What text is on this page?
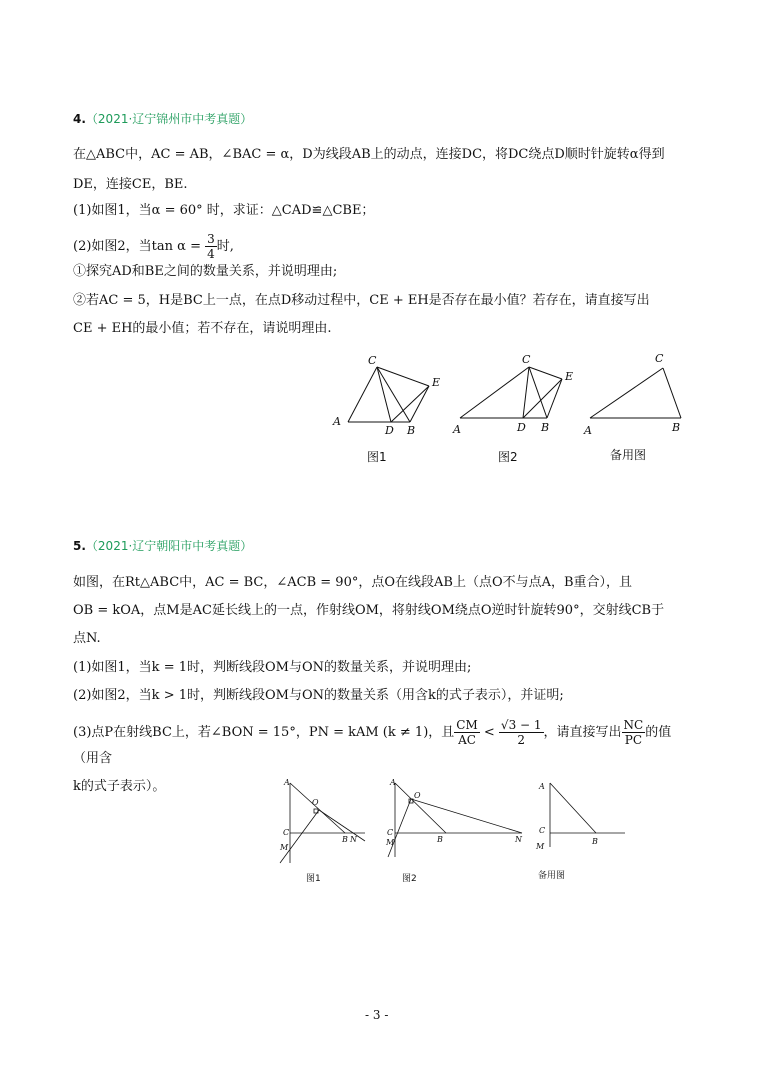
4.（2021·辽宁锦州市中考真题）
在△ABC中，AC = AB，∠BAC = α，D为线段AB上的动点，连接DC，将DC绕点D顺时针旋转α得到
DE，连接CE，BE.
(1)如图1，当α = 60° 时，求证：△CAD≌△CBE；
(2)如图2，当$\tan \alpha = \frac{3}{4}$ 时,
①探究AD和BE之间的数量关系，并说明理由;
②若AC = 5，H是BC上一点，在点D移动过程中，CE + EH是否存在最小值？若存在，请直接写出
CE + EH的最小值；若不存在，请说明理由.
C
E
A
D B
C
E
A	D B
C
A	B
图1	图2	备用图
5.（2021·辽宁朝阳市中考真题）
如图，在Rt△ABC中，AC = BC，∠ACB = 90°，点O在线段AB上（点O不与点A，B重合），且
OB = kOA，点M是AC延长线上的一点，作射线OM，将射线OM绕点O逆时针旋转90°，交射线CB于
点N.
(1)如图1，当k = 1时，判断线段OM与ON的数量关系，并说明理由;
(2)如图2，当k > 1时，判断线段OM与ON的数量关系（用含k的式子表示），并证明;
(3)点P在射线BC上，若∠BON = 15°，PN = kAM (k ≠ 1)，且 $\frac{CM}{AC} < \frac{√3 - 1}{2}$ ，请直接写出 $\frac{NC}{PC}$ 的值
（用含
k的式子表示）。	A
O
C
B N
M
A
O
C
B	N
M
A
C
B
M
图1	图2	备用图
- 3 -
